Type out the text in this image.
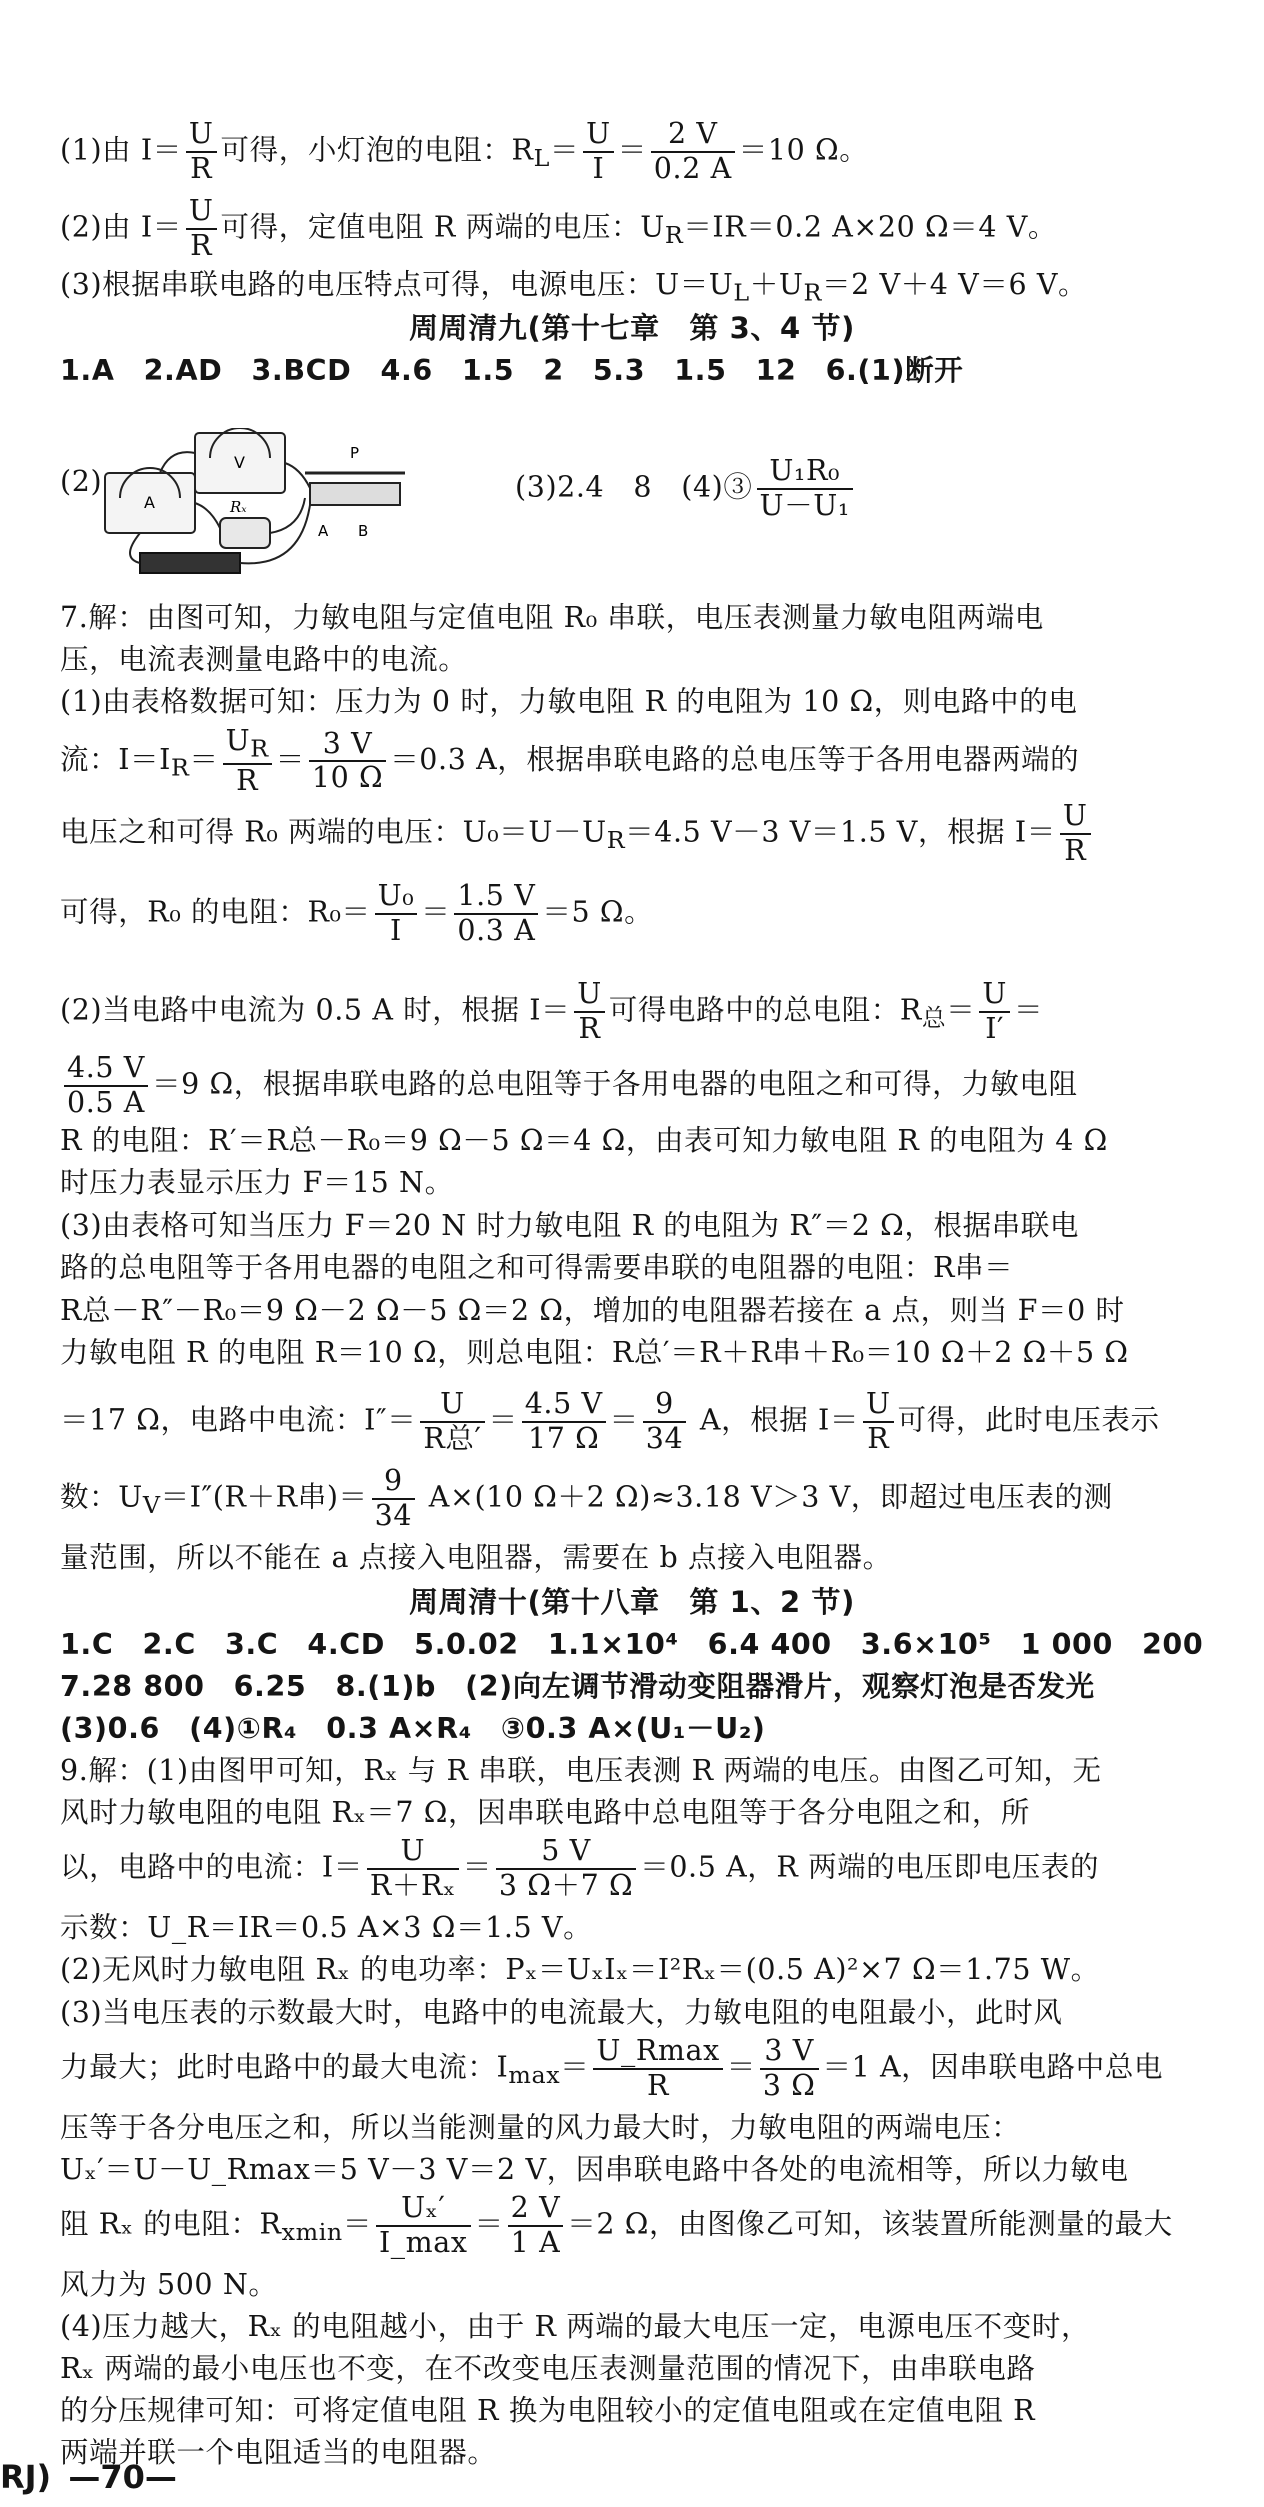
(1)由 $I= \frac{U}{R}$ 可得，小灯泡的电阻：$R_L= \frac{U}{I} = \frac{2 V}{0.2 A} =10$ Ω。
(2)由 $I= \frac{U}{R}$ 可得，定值电阻 R 两端的电压：$U_R=IR=0.2$ A×20 Ω＝4 V。
(3)根据串联电路的电压特点可得，电源电压：$U=U_L+U_R=2$ V＋4 V＝6 V。
周周清九(第十七章　第 3、4 节)
1.A　2.AD　3.BCD　4.6　1.5　2　5.3　1.5　12　6.(1)断开
(2)
A
V
Rₓ
P
A B
(3)2.4　8　(4)③ $\frac{\text{U₁R₀}}{\text{U－U₁}}$
7.解：由图可知，力敏电阻与定值电阻 R₀ 串联，电压表测量力敏电阻两端电
压，电流表测量电路中的电流。
(1)由表格数据可知：压力为 0 时，力敏电阻 R 的电阻为 10 Ω，则电路中的电
流：$I=I_R= \frac{U_R}{R} = \frac{3 V}{10 \Omega} =0.3$ A，根据串联电路的总电压等于各用电器两端的
电压之和可得 R₀ 两端的电压：$U_0=U-U_R=4.5$ V－3 V＝1.5 V，根据 $I= \frac{U}{R}$
可得，R₀ 的电阻：$R_0= \frac{\text{U₀}}{I} = \frac{1.5 V}{0.3 A} =5$ Ω。
(2)当电路中电流为 0.5 A 时，根据 $I= \frac{U}{R}$ 可得电路中的总电阻：$R_总= \frac{U}{I'}$ ＝
$\frac{4.5 V}{0.5 A} =9$ Ω，根据串联电路的总电阻等于各用电器的电阻之和可得，力敏电阻
R 的电阻：R′＝R总－R₀＝9 Ω－5 Ω＝4 Ω，由表可知力敏电阻 R 的电阻为 4 Ω
时压力表显示压力 F＝15 N。
(3)由表格可知当压力 F＝20 N 时力敏电阻 R 的电阻为 R″＝2 Ω，根据串联电
路的总电阻等于各用电器的电阻之和可得需要串联的电阻器的电阻：R串＝
R总－R″－R₀＝9 Ω－2 Ω－5 Ω＝2 Ω，增加的电阻器若接在 a 点，则当 F＝0 时
力敏电阻 R 的电阻 R＝10 Ω，则总电阻：R总′＝R＋R串＋R₀＝10 Ω＋2 Ω＋5 Ω
＝17 Ω，电路中电流：$I''= \frac{U}{\text{R总′}} = \frac{4.5 V}{17 \Omega} = \frac{9}{34}$ A，根据 $I= \frac{U}{R}$ 可得，此时电压表示
数：$U_V=I''(R+R$串)＝ $\frac{9}{34} A\times(10$ Ω＋2 Ω)≈3.18 V＞3 V，即超过电压表的测
量范围，所以不能在 a 点接入电阻器，需要在 b 点接入电阻器。
周周清十(第十八章　第 1、2 节)
1.C　2.C　3.C　4.CD　5.0.02　1.1×10⁴　6.4 400　3.6×10⁵　1 000　200
7.28 800　6.25　8.(1)b　(2)向左调节滑动变阻器滑片，观察灯泡是否发光
(3)0.6　(4)①R₄　0.3 A×R₄　③0.3 A×(U₁－U₂)
9.解：(1)由图甲可知，Rₓ 与 R 串联，电压表测 R 两端的电压。由图乙可知，无
风时力敏电阻的电阻 Rₓ＝7 Ω，因串联电路中总电阻等于各分电阻之和，所
以，电路中的电流：$I= \frac{U}{\text{R＋Rₓ}} = \frac{5 V}{3 \Omega+7 \Omega} =0.5$ A，R 两端的电压即电压表的
示数：U_R＝IR＝0.5 A×3 Ω＝1.5 V。
(2)无风时力敏电阻 Rₓ 的电功率：Pₓ＝UₓIₓ＝I²Rₓ＝(0.5 A)²×7 Ω＝1.75 W。
(3)当电压表的示数最大时，电路中的电流最大，力敏电阻的电阻最小，此时风
力最大；此时电路中的最大电流：$I_{max}= \frac{U\_Rmax}{R} = \frac{3 V}{3 \Omega} =1$ A，因串联电路中总电
压等于各分电压之和，所以当能测量的风力最大时，力敏电阻的两端电压：
Uₓ′＝U－U_Rmax＝5 V－3 V＝2 V，因串联电路中各处的电流相等，所以力敏电
阻 Rₓ 的电阻：$R_{xmin}= \frac{\text{Uₓ′}}{I\_\max} = \frac{2 V}{1 A} =2$ Ω，由图像乙可知，该装置所能测量的最大
风力为 500 N。
(4)压力越大，Rₓ 的电阻越小，由于 R 两端的最大电压一定，电源电压不变时，
Rₓ 两端的最小电压也不变，在不改变电压表测量范围的情况下，由串联电路
的分压规律可知：可将定值电阻 R 换为电阻较小的定值电阻或在定值电阻 R
两端并联一个电阻适当的电阻器。
RJ) —70—
